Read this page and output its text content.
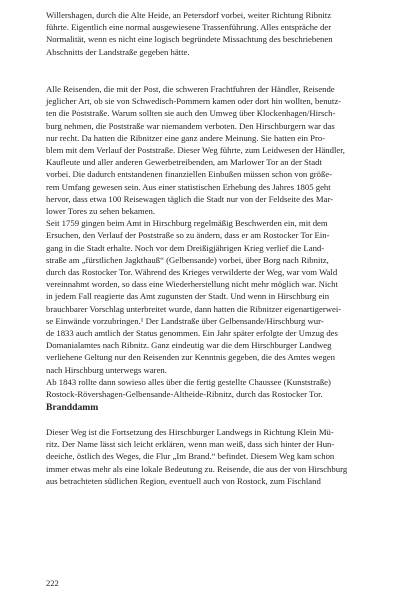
Willershagen, durch die Alte Heide, an Petersdorf vorbei, weiter Richtung Ribnitz

führte. Eigentlich eine normal ausgewiesene Trassenführung. Alles entspräche der

Normalität, wenn es nicht eine logisch begründete Missachtung des beschriebenen

Abschnitts der Landstraße gegeben hätte.

Alle Reisenden, die mit der Post, die schweren Frachtfuhren der Händler, Reisende

jeglicher Art, ob sie von Schwedisch-Pommern kamen oder dort hin wollten, benutz-

ten die Poststraße. Warum sollten sie auch den Umweg über Klockenhagen/Hirsch-

burg nehmen, die Poststraße war niemandem verboten. Den Hirschburgern war das

nur recht. Da hatten die Ribnitzer eine ganz andere Meinung. Sie hatten ein Pro-

blem mit dem Verlauf der Poststraße. Dieser Weg führte, zum Leidwesen der Händler,

Kaufleute und aller anderen Gewerbetreibenden, am Marlower Tor an der Stadt

vorbei. Die dadurch entstandenen finanziellen Einbußen müssen schon von größe-

rem Umfang gewesen sein. Aus einer statistischen Erhebung des Jahres 1805 geht

hervor, dass etwa 100 Reisewagen täglich die Stadt nur von der Feldseite des Mar-

lower Tores zu sehen bekamen.

Seit 1759 gingen beim Amt in Hirschburg regelmäßig Beschwerden ein, mit dem

Ersuchen, den Verlauf der Poststraße so zu ändern, dass er am Rostocker Tor Ein-

gang in die Stadt erhalte. Noch vor dem Dreißigjährigen Krieg verlief die Land-

straße am „fürstlichen Jagkthauß“ (Gelbensande) vorbei, über Borg nach Ribnitz,

durch das Rostocker Tor. Während des Krieges verwilderte der Weg, war vom Wald

vereinnahmt worden, so dass eine Wiederherstellung nicht mehr möglich war. Nicht

in jedem Fall reagierte das Amt zugunsten der Stadt. Und wenn in Hirschburg ein

brauchbarer Vorschlag unterbreitet wurde, dann hatten die Ribnitzer eigenartigerwei-

se Einwände vorzubringen.¹ Der Landstraße über Gelbensande/Hirschburg wur-

de 1833 auch amtlich der Status genommen. Ein Jahr später erfolgte der Umzug des

Domanialamtes nach Ribnitz. Ganz eindeutig war die dem Hirschburger Landweg

verliehene Geltung nur den Reisenden zur Kenntnis gegeben, die des Amtes wegen

nach Hirschburg unterwegs waren.

Ab 1843 rollte dann sowieso alles über die fertig gestellte Chaussee (Kunststraße)

Rostock-Rövershagen-Gelbensande-Altheide-Ribnitz, durch das Rostocker Tor.

Branddamm

Dieser Weg ist die Fortsetzung des Hirschburger Landwegs in Richtung Klein Mü-

ritz. Der Name lässt sich leicht erklären, wenn man weiß, dass sich hinter der Hun-

deeiche, östlich des Weges, die Flur „Im Brand.“ befindet. Diesem Weg kam schon

immer etwas mehr als eine lokale Bedeutung zu. Reisende, die aus der von Hirschburg

aus betrachteten südlichen Region, eventuell auch von Rostock, zum Fischland

222
